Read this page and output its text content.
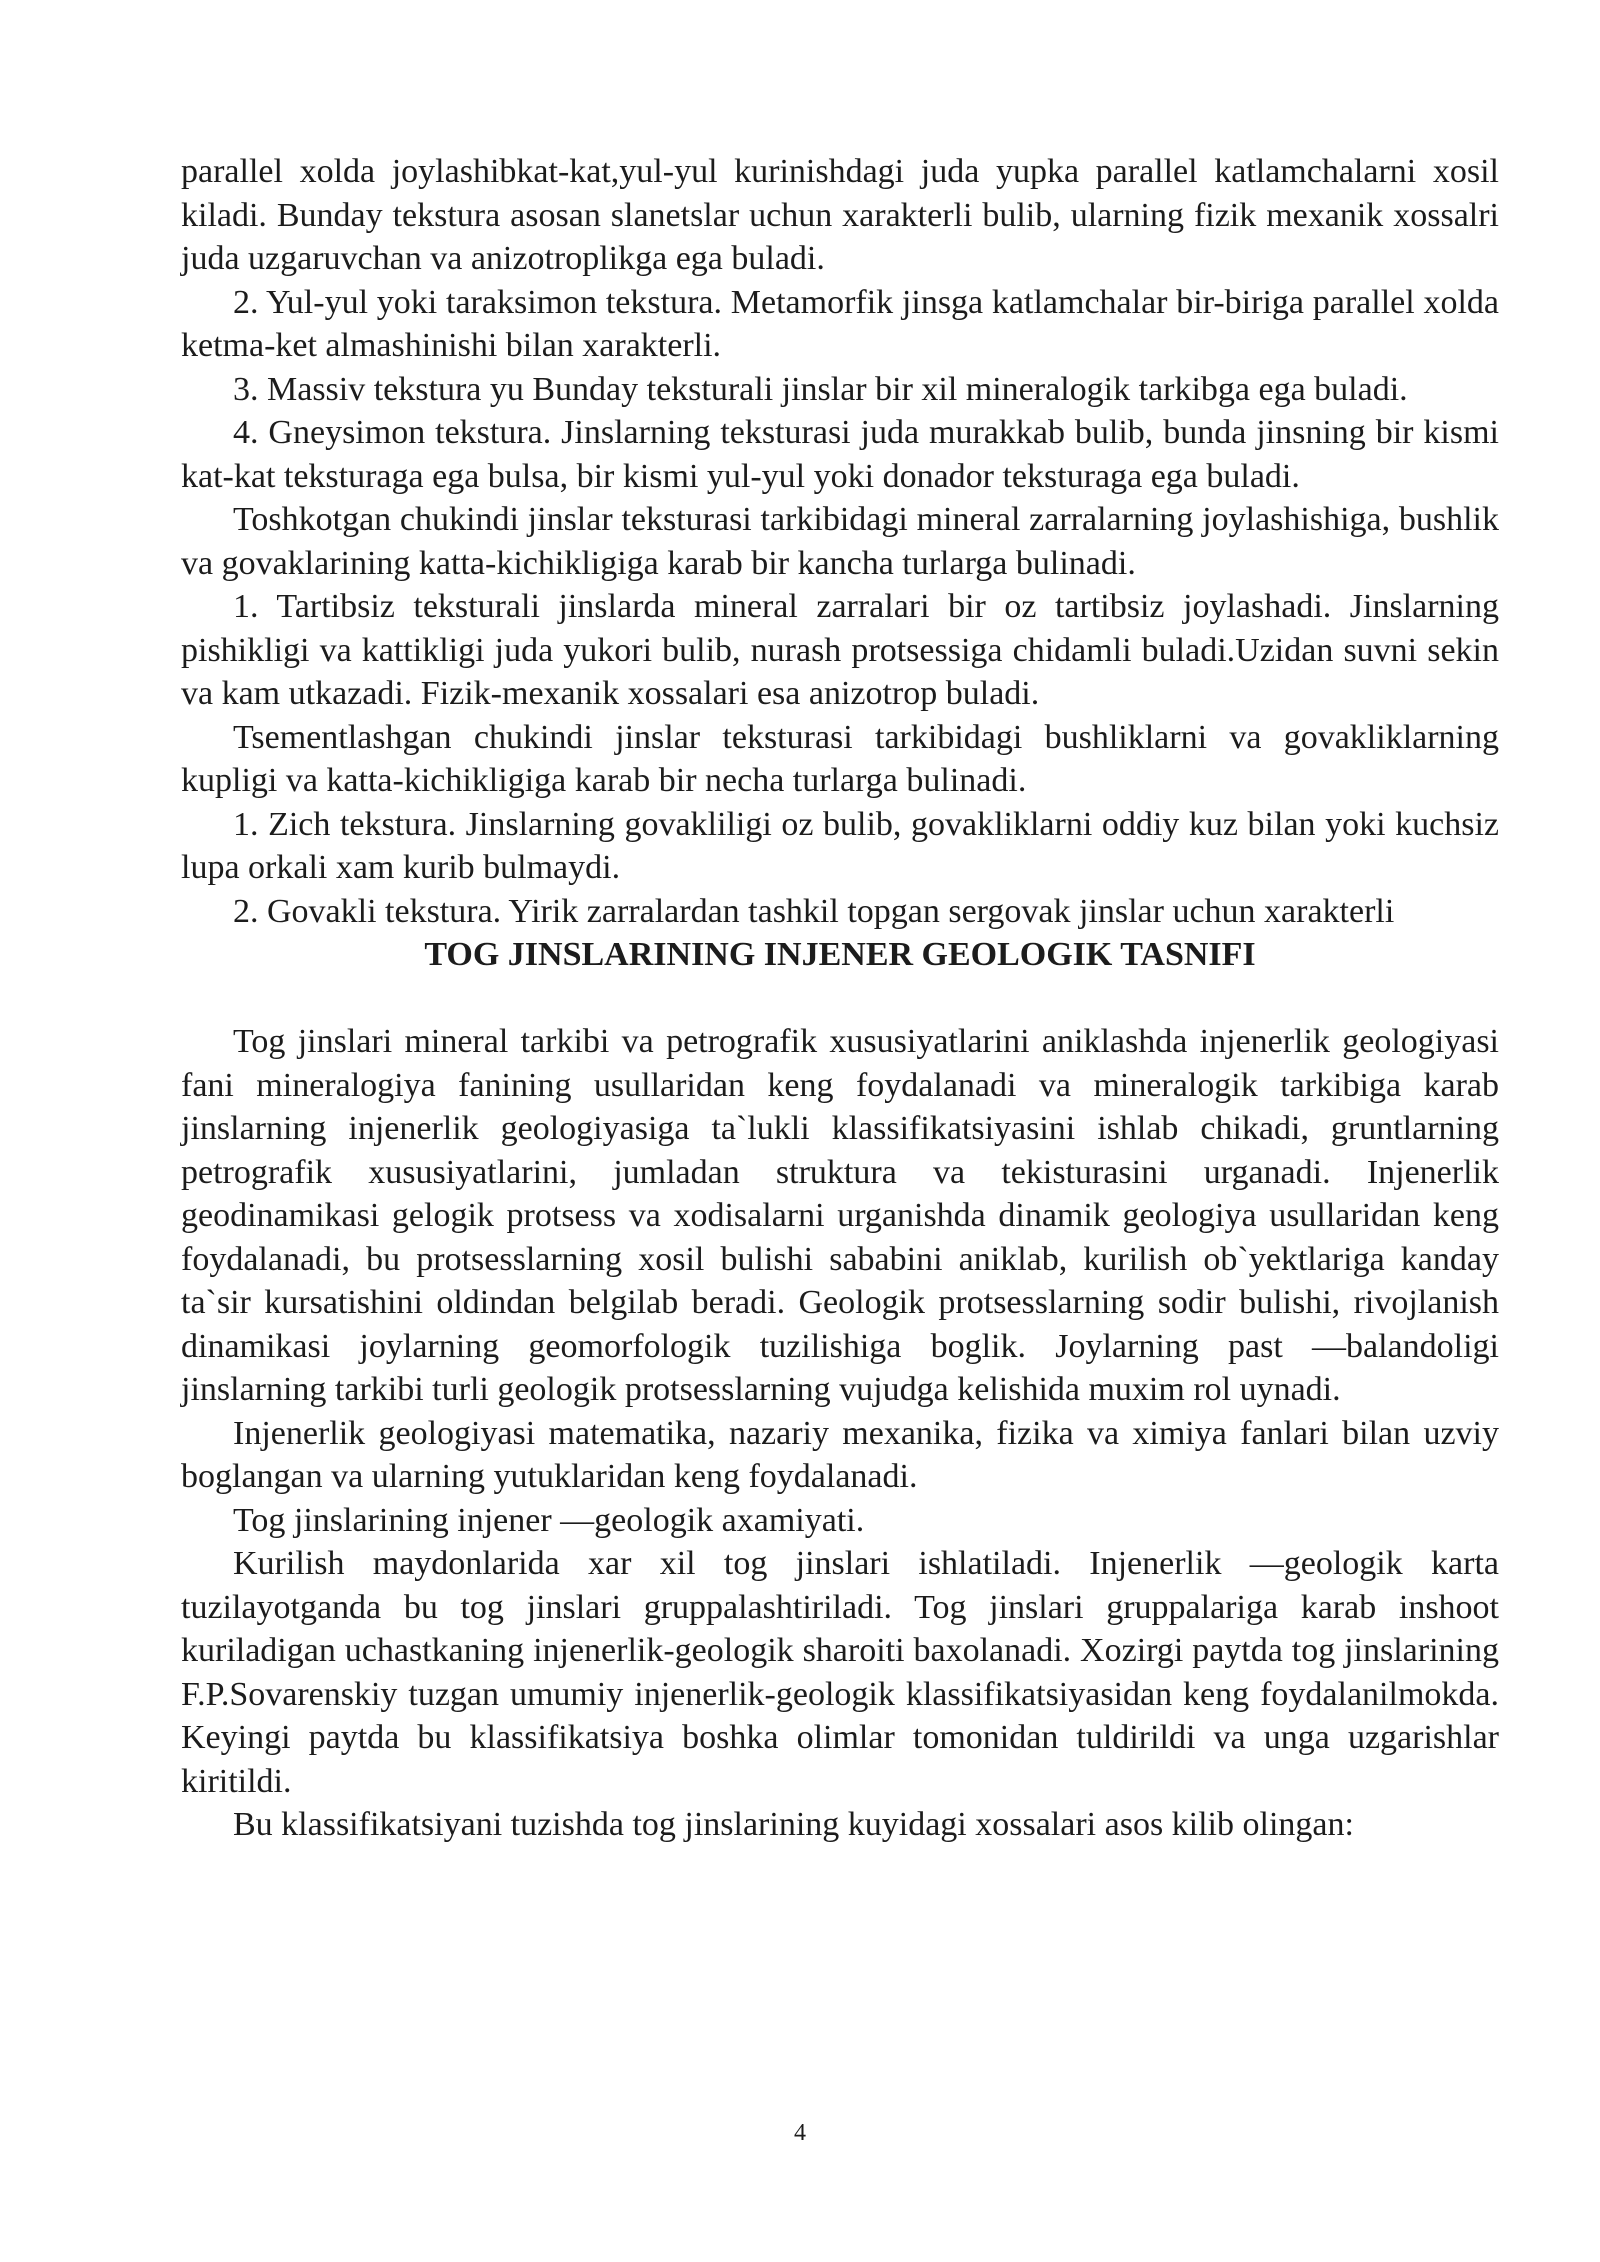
parallel xolda joylashibkat-kat,yul-yul kurinishdagi juda yupka parallel katlamchalarni xosil kiladi. Bunday tekstura asosan slanetslar uchun xarakterli bulib, ularning fizik mexanik xossalri juda uzgaruvchan va anizotroplikga ega buladi.

2. Yul-yul yoki taraksimon tekstura. Metamorfik jinsga katlamchalar bir-biriga parallel xolda ketma-ket almashinishi bilan xarakterli.

3. Massiv tekstura yu Bunday teksturali jinslar bir xil mineralogik tarkibga ega buladi.

4. Gneysimon tekstura. Jinslarning teksturasi juda murakkab bulib, bunda jinsning bir kismi kat-kat teksturaga ega bulsa, bir kismi yul-yul yoki donador teksturaga ega buladi.

Toshkotgan chukindi jinslar teksturasi tarkibidagi mineral zarralarning joylashishiga, bushlik va govaklarining katta-kichikligiga karab bir kancha turlarga bulinadi.

1. Tartibsiz teksturali jinslarda mineral zarralari bir oz tartibsiz joylashadi. Jinslarning pishikligi va kattikligi juda yukori bulib, nurash protsessiga chidamli buladi.Uzidan suvni sekin va kam utkazadi. Fizik-mexanik xossalari esa anizotrop buladi.

Tsementlashgan chukindi jinslar teksturasi tarkibidagi bushliklarni va govakliklarning kupligi va katta-kichikligiga karab bir necha turlarga bulinadi.

1. Zich tekstura. Jinslarning govakliligi oz bulib, govakliklarni oddiy kuz bilan yoki kuchsiz lupa orkali xam kurib bulmaydi.

2. Govakli tekstura. Yirik zarralardan tashkil topgan sergovak jinslar uchun xarakterli

TOG JINSLARINING INJENER GEOLOGIK TASNIFI

Tog jinslari mineral tarkibi va petrografik xususiyatlarini aniklashda injenerlik geologiyasi fani mineralogiya fanining usullaridan keng foydalanadi va mineralogik tarkibiga karab jinslarning injenerlik geologiyasiga ta`lukli klassifikatsiyasini ishlab chikadi, gruntlarning petrografik xususiyatlarini, jumladan struktura va tekisturasini urganadi. Injenerlik geodinamikasi gelogik protsess va xodisalarni urganishda dinamik geologiya usullaridan keng foydalanadi, bu protsesslarning xosil bulishi sababini aniklab, kurilish ob`yektlariga kanday ta`sir kursatishini oldindan belgilab beradi. Geologik protsesslarning sodir bulishi, rivojlanish dinamikasi joylarning geomorfologik tuzilishiga boglik. Joylarning past —balandoligi jinslarning tarkibi turli geologik protsesslarning vujudga kelishida muxim rol uynadi.

Injenerlik geologiyasi matematika, nazariy mexanika, fizika va ximiya fanlari bilan uzviy boglangan va ularning yutuklaridan keng foydalanadi.

Tog jinslarining injener —geologik axamiyati.

Kurilish maydonlarida xar xil tog jinslari ishlatiladi. Injenerlik —geologik karta tuzilayotganda bu tog jinslari gruppalashtiriladi. Tog jinslari gruppalariga karab inshoot kuriladigan uchastkaning injenerlik-geologik sharoiti baxolanadi. Xozirgi paytda tog jinslarining F.P.Sovarenskiy tuzgan umumiy injenerlik-geologik klassifikatsiyasidan keng foydalanilmokda. Keyingi paytda bu klassifikatsiya boshka olimlar tomonidan tuldirildi va unga uzgarishlar kiritildi.

Bu klassifikatsiyani tuzishda tog jinslarining kuyidagi xossalari asos kilib olingan:

4
